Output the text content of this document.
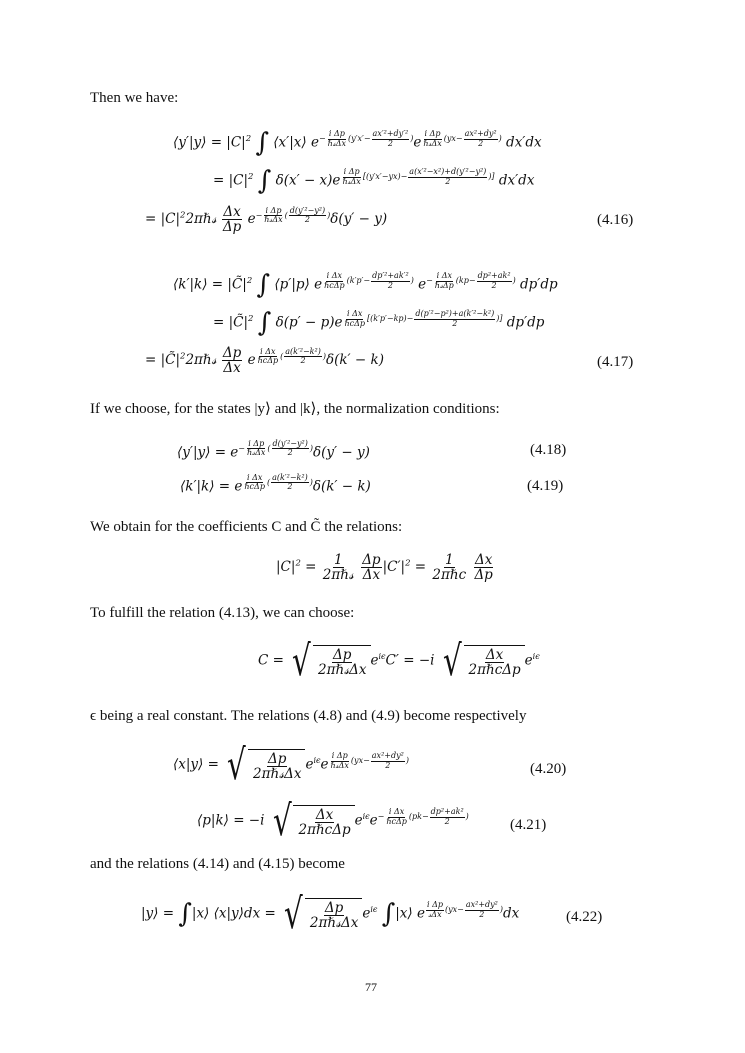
Then we have:
⟨y′|y⟩ = $|C|^2$ ∫ ⟨x′|x⟩ $e^{- \frac{\text{i Δp}}{\text{ℏ𝓈Δx}} (y'x'- \frac{\text{ax′²+dy′²}}{2} )}e$ $^{\frac{\text{i Δp}}{\text{ℏ𝓈Δx}} (yx- \frac{\text{ax²+dy²}}{2} )}$ dx′dx
= $|C|^2$ ∫ δ(x′ − x)e $^{\frac{\text{i Δp}}{\text{ℏ𝓈Δx}} [(y'x'-yx)- \frac{\text{a(x′²−x²)+d(y′²−y²)}}{2} )]}$ dx′dx
= $|C|^22\pi\hbar 𝓈 \frac{\Delta x}{\Delta p} e^{- \frac{\text{i Δp}}{\text{ℏ𝓈Δx}} ( \frac{\text{d(y′²−y²)}}{2} )}\delta(y' - y)$	(4.16)
⟨k′|k⟩ = $|C̃|^2$ ∫ ⟨p′|p⟩ e $^{\frac{\text{i Δx}}{\text{ℏcΔp}} (k'p'- \frac{\text{dp′²+ak′²}}{2} )}$ $e^{- \frac{\text{i Δx}}{\text{ℏ𝓈Δp}} (kp- \frac{\text{dp²+ak²}}{2} )}$ dp′dp
= $|C̃|^2$ ∫ δ(p′ − p)e $^{\frac{\text{i Δx}}{\text{ℏcΔp}} [(k'p'-kp)- \frac{\text{d(p′²−p²)+a(k′²−k²)}}{2} )]}$ dp′dp
= $|C̃|^22\pi\hbar 𝓈 \frac{\Delta p}{\Delta x}$ e $^{\frac{\text{i Δx}}{\text{ℏcΔp}} ( \frac{\text{a(k′²−k²)}}{2} )}$δ(k′ − k)	(4.17)
If we choose, for the states |y⟩ and |k⟩, the normalization conditions:
⟨y′|y⟩ = $e^{- \frac{\text{i Δp}}{\text{ℏ𝓈Δx}} ( \frac{\text{d(y′²−y²)}}{2} )}\delta(y' - y)$	(4.18)
⟨k′|k⟩ = e $^{\frac{\text{i Δx}}{\text{ℏcΔp}} ( \frac{\text{a(k′²−k²)}}{2} )}$δ(k′ − k)	(4.19)
We obtain for the coefficients C and C̃ the relations:
$|C|^2 = \frac{1}{\text{2πℏ𝓈}}$
$\frac{\Delta p}{\Delta x} |C'|^2 = \frac{1}{\text{2πℏc}}$
$\frac{\Delta x}{\Delta p}$
To fulfill the relation (4.13), we can choose:
C = √ $\frac{\Delta p}{\text{2πℏ𝓈Δx}} e^{i\epsilon}C' = -i$ √ $\frac{\Delta x}{\text{2πℏcΔp}} e^{i\epsilon}$
ϵ being a real constant. The relations (4.8) and (4.9) become respectively
⟨x|y⟩ = √ $\frac{\Delta p}{\text{2πℏ𝓈Δx}} e^{i\epsilon}e$ $^{\frac{\text{i Δp}}{\text{ℏ𝓈Δx}} (yx- \frac{\text{ax²+dy²}}{2} )}$
(4.20)
⟨p|k⟩ = −i √ $\frac{\Delta x}{\text{2πℏcΔp}} e^{i\epsilon}e^{- \frac{\text{i Δx}}{\text{ℏcΔp}} (pk- \frac{\text{dp²+ak²}}{2} )}$
(4.21)
and the relations (4.14) and (4.15) become
|y⟩ = ∫|x⟩ ⟨x|y⟩dx = √ $\frac{\Delta p}{\text{2πℏ𝓈Δx}} e^{i\epsilon}$ ∫|x⟩ e $^{\frac{\text{i Δp}}{\text{𝓈Δx}} (yx- \frac{\text{ax²+dy²}}{2} )}$dx	(4.22)
77
